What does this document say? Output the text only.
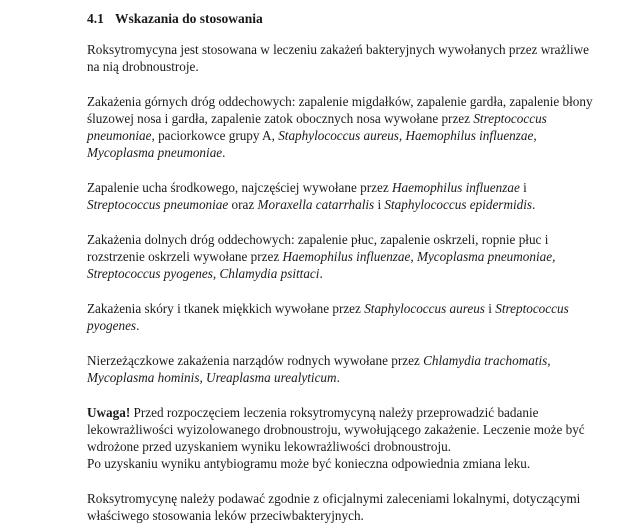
4.1 Wskazania do stosowania

Roksytromycyna jest stosowana w leczeniu zakażeń bakteryjnych wywołanych przez wrażliwe na nią drobnoustroje.

Zakażenia górnych dróg oddechowych: zapalenie migdałków, zapalenie gardła, zapalenie błony śluzowej nosa i gardła, zapalenie zatok obocznych nosa wywołane przez Streptococcus pneumoniae, paciorkowce grupy A, Staphylococcus aureus, Haemophilus influenzae, Mycoplasma pneumoniae.

Zapalenie ucha środkowego, najczęściej wywołane przez Haemophilus influenzae i Streptococcus pneumoniae oraz Moraxella catarrhalis i Staphylococcus epidermidis.

Zakażenia dolnych dróg oddechowych: zapalenie płuc, zapalenie oskrzeli, ropnie płuc i rozstrzenie oskrzeli wywołane przez Haemophilus influenzae, Mycoplasma pneumoniae, Streptococcus pyogenes, Chlamydia psittaci.

Zakażenia skóry i tkanek miękkich wywołane przez Staphylococcus aureus i Streptococcus pyogenes.

Nierzeżączkowe zakażenia narządów rodnych wywołane przez Chlamydia trachomatis, Mycoplasma hominis, Ureaplasma urealyticum.

Uwaga! Przed rozpoczęciem leczenia roksytromycyną należy przeprowadzić badanie lekowrażliwości wyizolowanego drobnoustroju, wywołującego zakażenie. Leczenie może być wdrożone przed uzyskaniem wyniku lekowrażliwości drobnoustroju.
Po uzyskaniu wyniku antybiogramu może być konieczna odpowiednia zmiana leku.

Roksytromycynę należy podawać zgodnie z oficjalnymi zaleceniami lokalnymi, dotyczącymi właściwego stosowania leków przeciwbakteryjnych.
